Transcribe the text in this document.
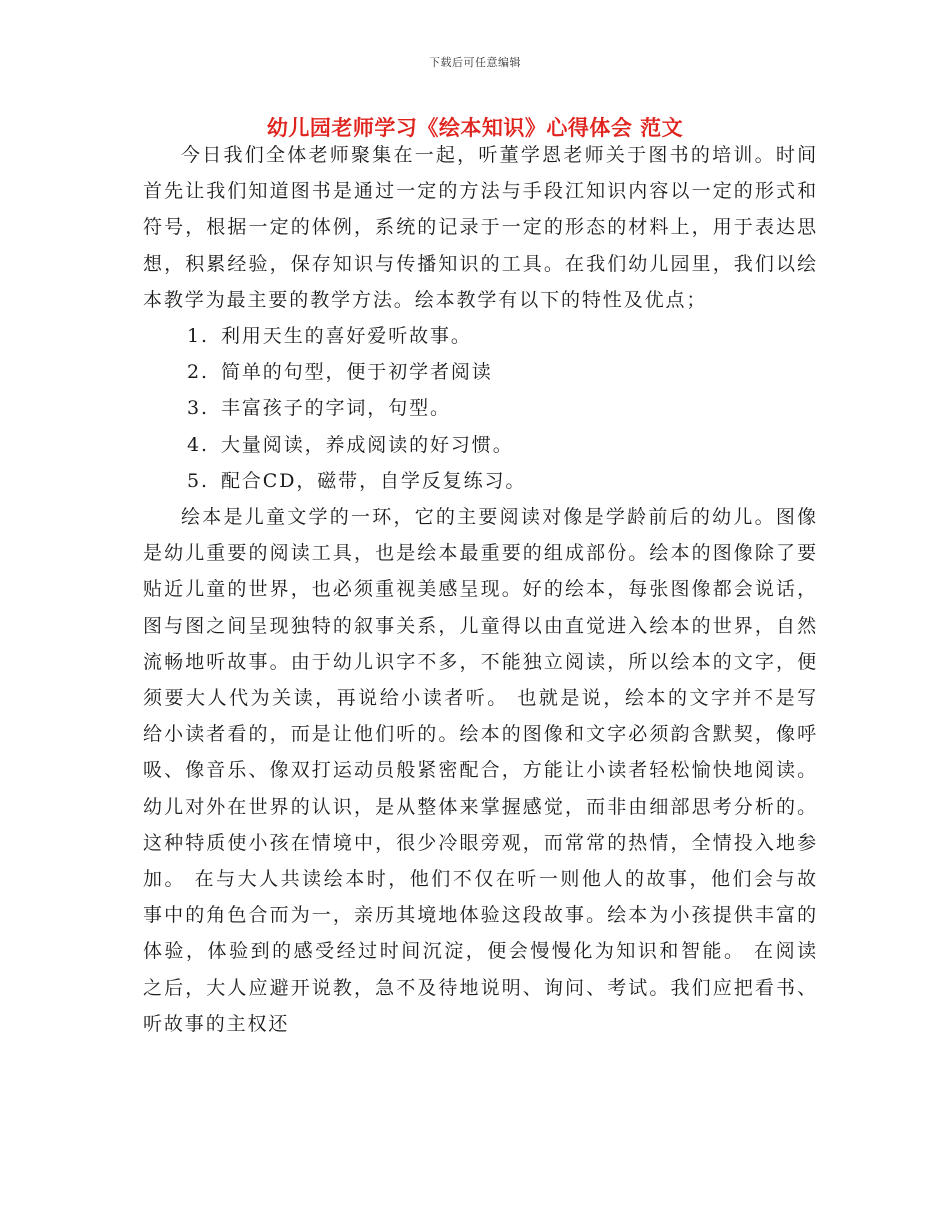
下载后可任意编辑
幼儿园老师学习《绘本知识》心得体会 范文

今日我们全体老师聚集在一起，听董学恩老师关于图书的培训。时间首先让我们知道图书是通过一定的方法与手段江知识内容以一定的形式和符号，根据一定的体例，系统的记录于一定的形态的材料上，用于表达思想，积累经验，保存知识与传播知识的工具。在我们幼儿园里，我们以绘本教学为最主要的教学方法。绘本教学有以下的特性及优点；

1. 利用天生的喜好爱听故事。

2. 简单的句型，便于初学者阅读

3. 丰富孩子的字词，句型。

4. 大量阅读，养成阅读的好习惯。

5. 配合CD，磁带，自学反复练习。

绘本是儿童文学的一环，它的主要阅读对像是学龄前后的幼儿。图像是幼儿重要的阅读工具，也是绘本最重要的组成部份。绘本的图像除了要贴近儿童的世界，也必须重视美感呈现。好的绘本，每张图像都会说话，图与图之间呈现独特的叙事关系，儿童得以由直觉进入绘本的世界，自然流畅地听故事。由于幼儿识字不多，不能独立阅读，所以绘本的文字，便须要大人代为关读，再说给小读者听。 也就是说，绘本的文字并不是写给小读者看的，而是让他们听的。绘本的图像和文字必须韵含默契，像呼吸、像音乐、像双打运动员般紧密配合，方能让小读者轻松愉快地阅读。幼儿对外在世界的认识，是从整体来掌握感觉，而非由细部思考分析的。 这种特质使小孩在情境中，很少冷眼旁观，而常常的热情，全情投入地参加。 在与大人共读绘本时，他们不仅在听一则他人的故事，他们会与故事中的角色合而为一，亲历其境地体验这段故事。绘本为小孩提供丰富的体验，体验到的感受经过时间沉淀，便会慢慢化为知识和智能。 在阅读之后，大人应避开说教，急不及待地说明、询问、考试。我们应把看书、听故事的主权还
